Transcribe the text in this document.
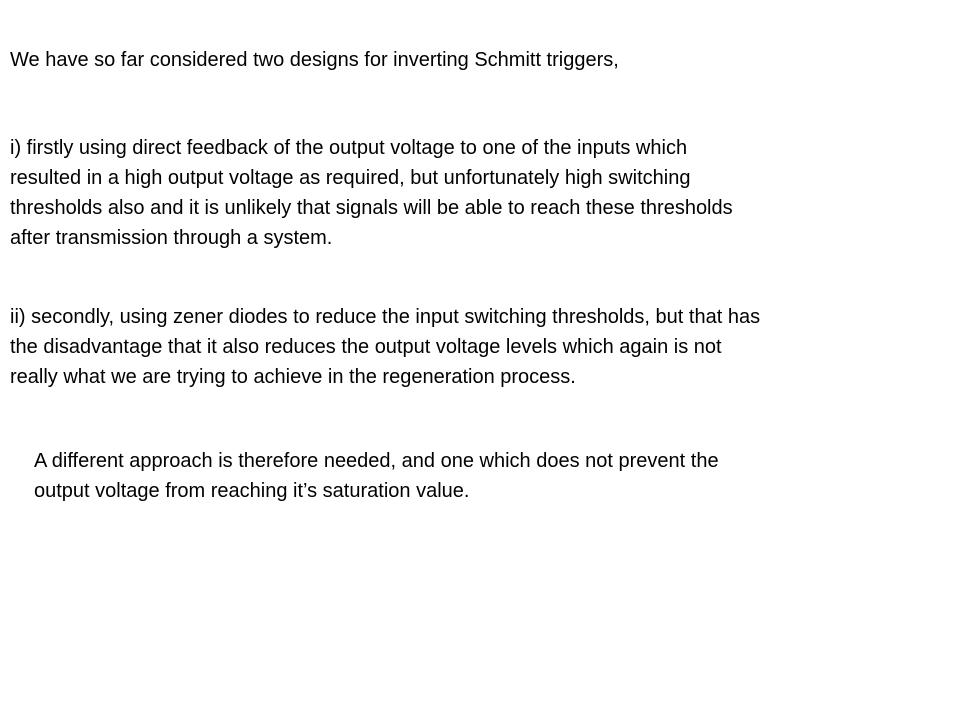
We have so far considered two designs for inverting Schmitt triggers,

i) firstly using direct feedback of the output voltage to one of the inputs which
resulted in a high output voltage as required, but unfortunately high switching
thresholds also and it is unlikely that signals will be able to reach these thresholds
after transmission through a system.

ii) secondly, using zener diodes to reduce the input switching thresholds, but that has
the disadvantage that it also reduces the output voltage levels which again is not
really what we are trying to achieve in the regeneration process.

A different approach is therefore needed, and one which does not prevent the
output voltage from reaching it’s saturation value.
